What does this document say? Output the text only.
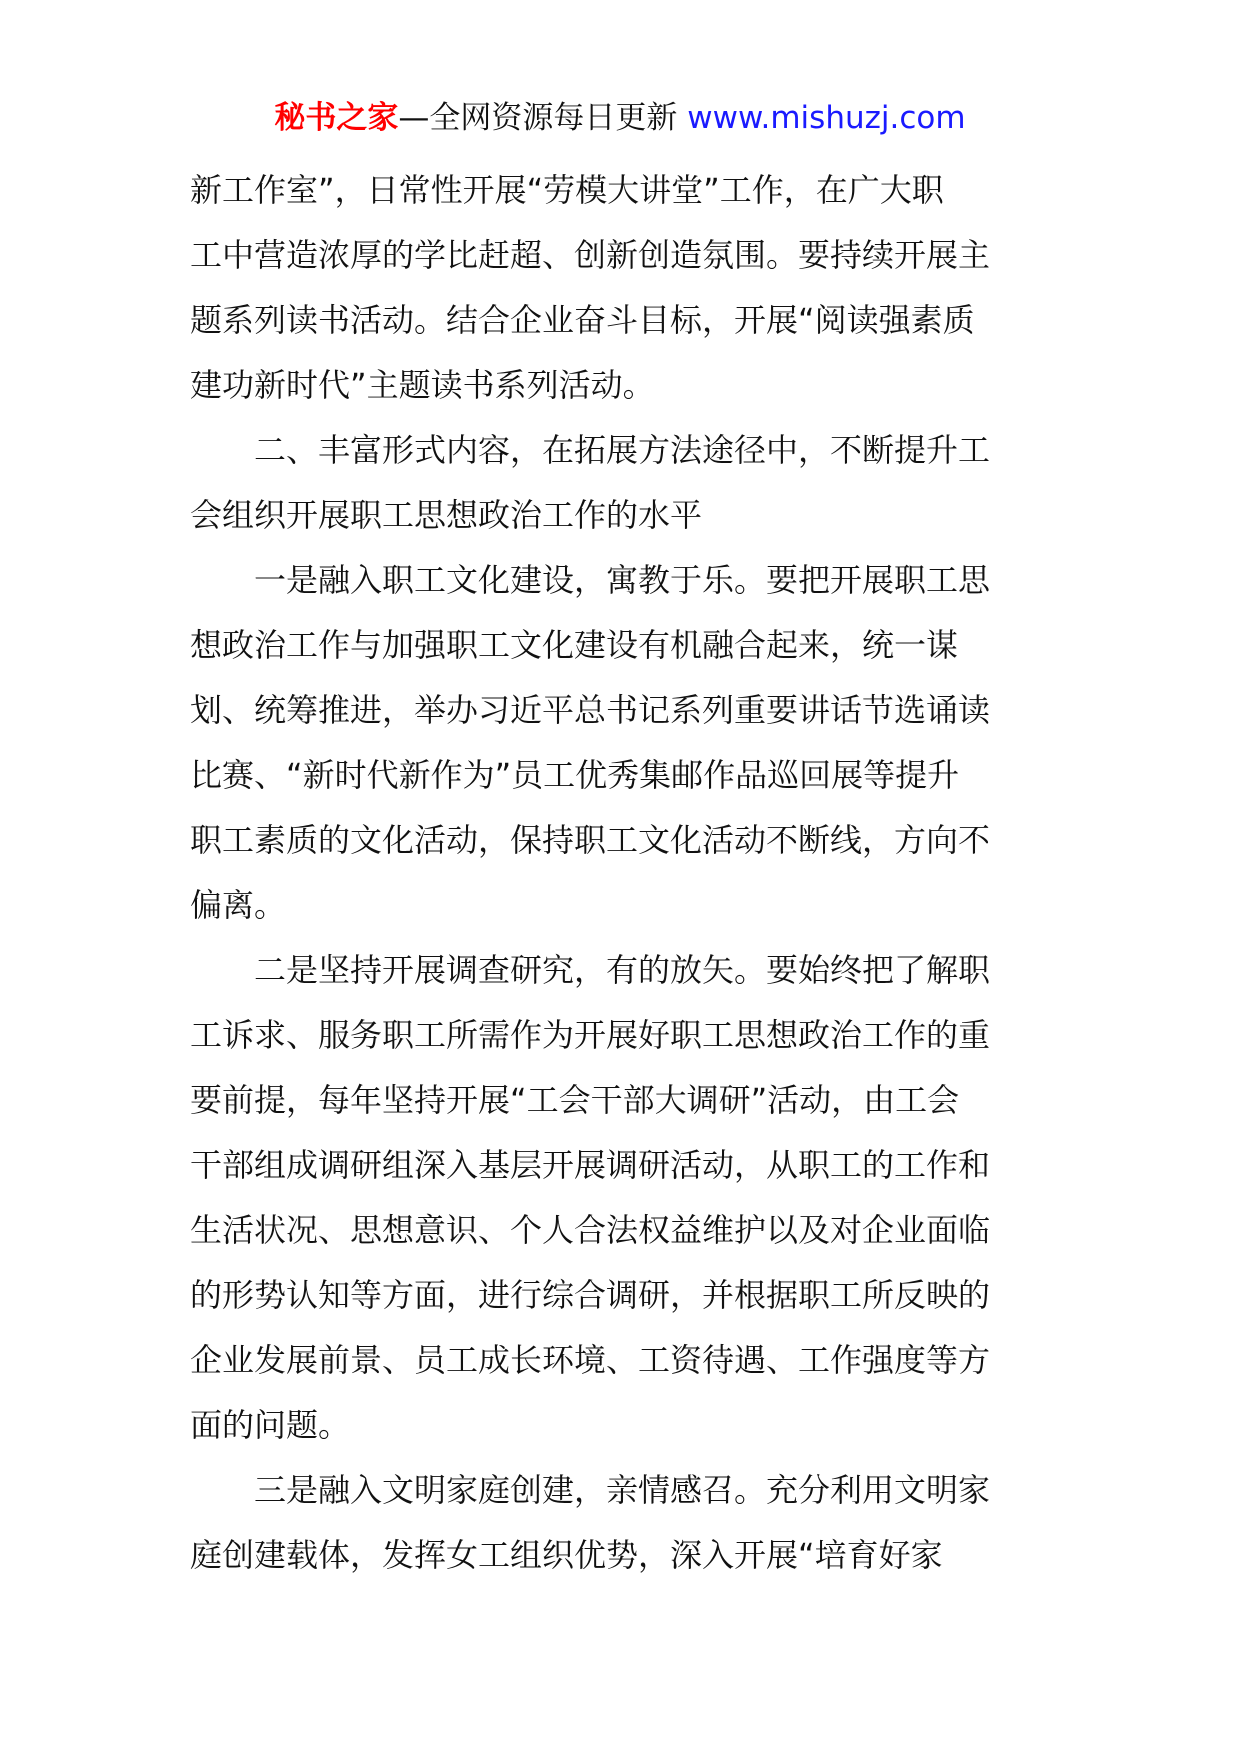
秘书之家—全网资源每日更新 www.mishuzj.com
新工作室”，日常性开展“劳模大讲堂”工作，在广大职
工中营造浓厚的学比赶超、创新创造氛围。要持续开展主
题系列读书活动。结合企业奋斗目标，开展“阅读强素质
建功新时代”主题读书系列活动。
　　二、丰富形式内容，在拓展方法途径中，不断提升工
会组织开展职工思想政治工作的水平
　　一是融入职工文化建设，寓教于乐。要把开展职工思
想政治工作与加强职工文化建设有机融合起来，统一谋
划、统筹推进，举办习近平总书记系列重要讲话节选诵读
比赛、“新时代新作为”员工优秀集邮作品巡回展等提升
职工素质的文化活动，保持职工文化活动不断线，方向不
偏离。
　　二是坚持开展调查研究，有的放矢。要始终把了解职
工诉求、服务职工所需作为开展好职工思想政治工作的重
要前提，每年坚持开展“工会干部大调研”活动，由工会
干部组成调研组深入基层开展调研活动，从职工的工作和
生活状况、思想意识、个人合法权益维护以及对企业面临
的形势认知等方面，进行综合调研，并根据职工所反映的
企业发展前景、员工成长环境、工资待遇、工作强度等方
面的问题。
　　三是融入文明家庭创建，亲情感召。充分利用文明家
庭创建载体，发挥女工组织优势，深入开展“培育好家
